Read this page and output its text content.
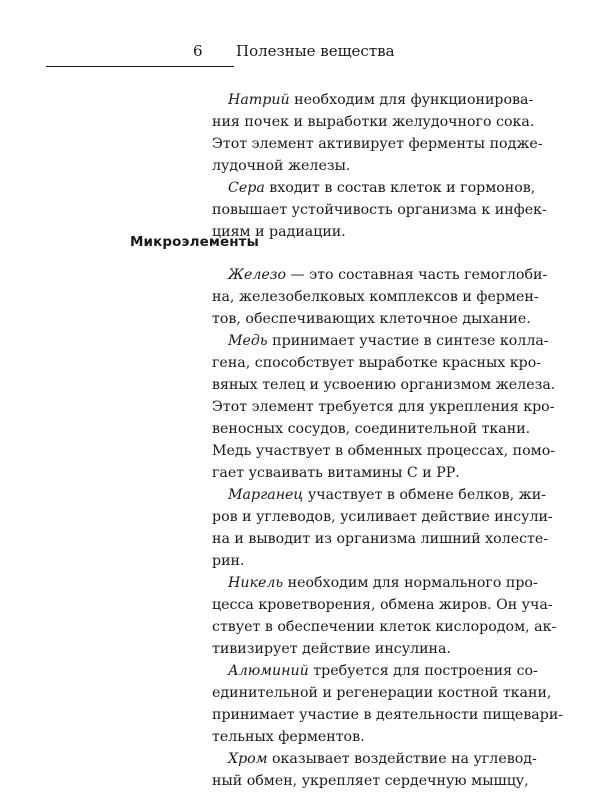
6 Полезные вещества
Натрий необходим для функционирова-
ния почек и выработки желудочного сока.
Этот элемент активирует ферменты поджe-
лудочной железы.
Сера входит в состав клеток и гормонов,
повышает устойчивость организма к инфек-
циям и радиации.
Микроэлементы
Железо — это составная часть гемоглоби-
на, железобелковых комплексов и фермен-
тов, обеспечивающих клеточное дыхание.
Медь принимает участие в синтезе колла-
гена, способствует выработке красных кро-
вяных телец и усвоению организмом железа.
Этот элемент требуется для укрепления кро-
веносных сосудов, соединительной ткани.
Медь участвует в обменных процессах, помо-
гает усваивать витамины С и РР.
Марганец участвует в обмене белков, жи-
ров и углеводов, усиливает действие инсули-
на и выводит из организма лишний холесте-
рин.
Никель необходим для нормального про-
цесса кроветворения, обмена жиров. Он уча-
ствует в обеспечении клеток кислородом, ак-
тивизирует действие инсулина.
Алюминий требуется для построения со-
единительной и регенерации костной ткани,
принимает участие в деятельности пищевари-
тельных ферментов.
Хром оказывает воздействие на углевод-
ный обмен, укрепляет сердечную мышцу,
